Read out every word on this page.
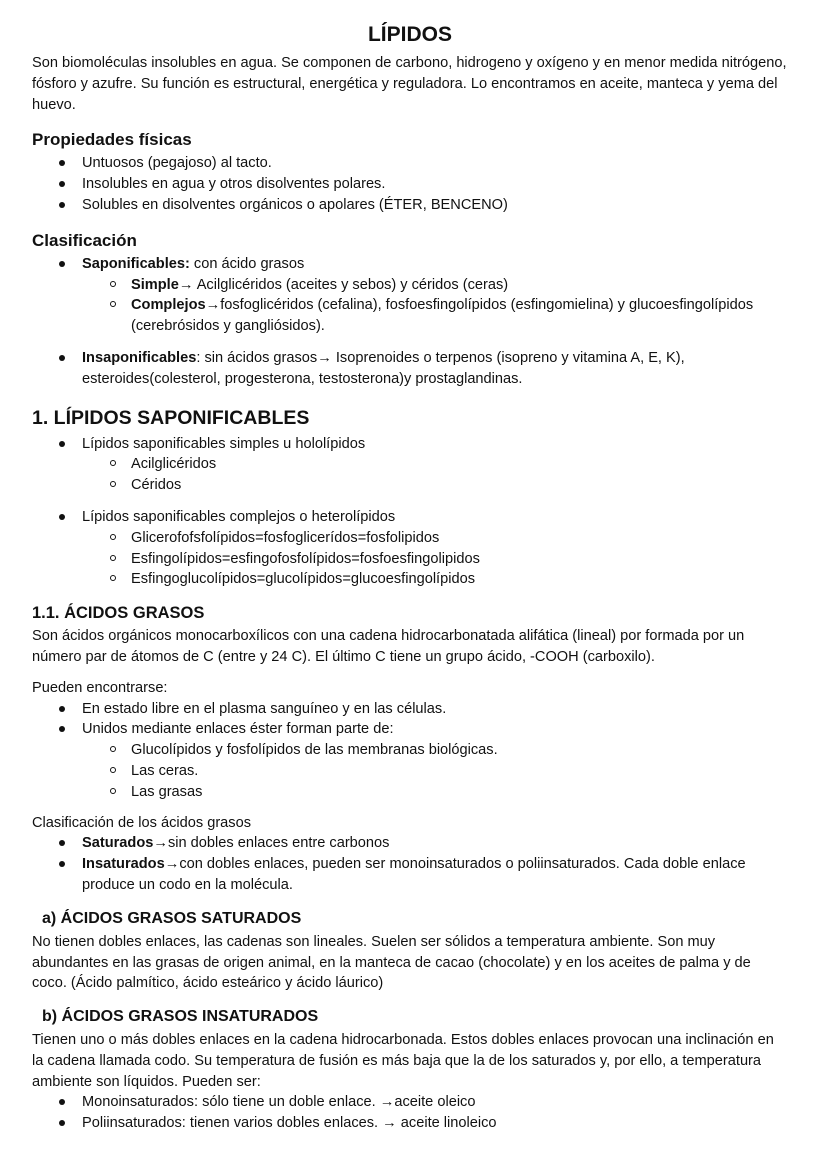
LÍPIDOS

Son biomoléculas insolubles en agua. Se componen de carbono, hidrogeno y oxígeno y en menor medida nitrógeno, fósforo y azufre. Su función es estructural, energética y reguladora. Lo encontramos en aceite, manteca y yema del huevo.

Propiedades físicas
Untuosos (pegajoso) al tacto.
Insolubles en agua y otros disolventes polares.
Solubles en disolventes orgánicos o apolares (ÉTER, BENCENO)
Clasificación
Saponificables: con ácido grasos
Simple→ Acilglicéridos (aceites y sebos) y céridos (ceras)
Complejos→fosfoglicéridos (cefalina), fosfoesfingolípidos (esfingomielina) y glucoesfingolípidos (cerebrósidos y gangliósidos).
Insaponificables: sin ácidos grasos→ Isoprenoides o terpenos (isopreno y vitamina A, E, K), esteroides(colesterol, progesterona, testosterona)y prostaglandinas.
1. LÍPIDOS SAPONIFICABLES
Lípidos saponificables simples u hololípidos
Acilglicéridos
Céridos
Lípidos saponificables complejos o heterolípidos
Glicerofofsfolípidos=fosfoglicerídos=fosfolipidos
Esfingolípidos=esfingofosfolípidos=fosfoesfingolipidos
Esfingoglucolípidos=glucolípidos=glucoesfingolípidos
1.1. ÁCIDOS GRASOS

Son ácidos orgánicos monocarboxílicos con una cadena hidrocarbonatada alifática (lineal) por formada por un número par de átomos de C (entre y 24 C). El último C tiene un grupo ácido, -COOH (carboxilo).

Pueden encontrarse:

En estado libre en el plasma sanguíneo y en las células.
Unidos mediante enlaces éster forman parte de:
Glucolípidos y fosfolípidos de las membranas biológicas.
Las ceras.
Las grasas

Clasificación de los ácidos grasos

Saturados→sin dobles enlaces entre carbonos
Insaturados→con dobles enlaces, pueden ser monoinsaturados o poliinsaturados. Cada doble enlace produce un codo en la molécula.
a) ÁCIDOS GRASOS SATURADOS

No tienen dobles enlaces, las cadenas son lineales. Suelen ser sólidos a temperatura ambiente. Son muy abundantes en las grasas de origen animal, en la manteca de cacao (chocolate) y en los aceites de palma y de coco. (Ácido palmítico, ácido esteárico y ácido láurico)

b) ÁCIDOS GRASOS INSATURADOS

Tienen uno o más dobles enlaces en la cadena hidrocarbonada. Estos dobles enlaces provocan una inclinación en la cadena llamada codo. Su temperatura de fusión es más baja que la de los saturados y, por ello, a temperatura ambiente son líquidos. Pueden ser:

Monoinsaturados: sólo tiene un doble enlace. →aceite oleico
Poliinsaturados: tienen varios dobles enlaces. → aceite linoleico
